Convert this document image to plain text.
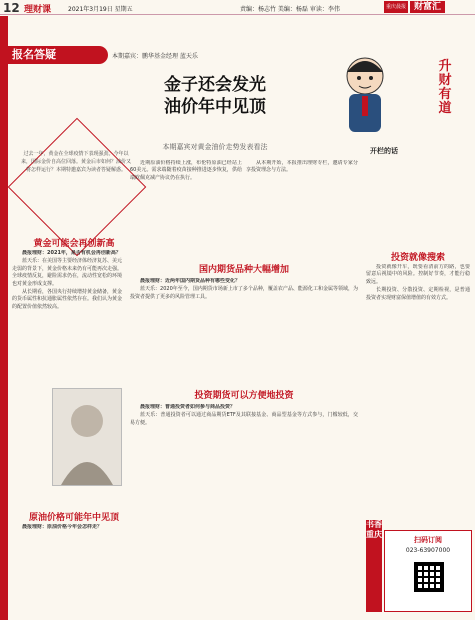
12 理财课	2021年3月19日 星期五	责编：杨志竹 美编：杨磊 审读：李伟	重庆晨报 财富汇
报名答疑	本期嘉宾：鹏华基金经理 蓝天乐
金子还会发光
油价年中见顶
本期嘉宾对黄金油价走势发表看法
升
财
有
道
开栏的话
过去一年，黄金在全球疫情下表现强劲。今年以来，国际金价自高位回落。黄金后市如何？油价又将怎样运行？本期特邀嘉宾为读者答疑解惑。
黄金可能会再创新高

晨报理财：2021年，是否有机会再创新高？

蓝天乐：在美国等主要经济体经济复苏、美元走弱的背景下，黄金价格未来仍有可能再次走强。全球疫情反复，避险需求仍在，流动性宽松的环境也对黄金形成支撑。

从长期看，各国央行持续增持黄金储备，黄金的货币属性和抗通胀属性依然存在。我们认为黄金的配置价值依然较高。

原油价格可能年中见顶

晨报理财：原油价格今年会怎样走？

近期原油价格持续上涨，布伦特原油已经站上60美元。需求端随着疫苗接种推进逐步恢复，供给端欧佩克减产协议仍在执行。

从本期开始，本报推出理财专栏，邀请专家分享投资理念与方法。

国内期货品种大幅增加

晨报理财：近两年国内期货品种有哪些变化？

蓝天乐：2020年至今，国内期货市场新上市了多个品种，覆盖农产品、能源化工和金属等领域，为投资者提供了更多的风险管理工具。

投资期货可以方便地投资

晨报理财：普通投资者如何参与商品投资？

蓝天乐：普通投资者可以通过商品期货ETF及其联接基金、商品型基金等方式参与，门槛较低，交易方便。

投资就像搜索

投资就像开车，既要看清前方的路，也要留意后视镜中的风险。控制好节奏，才能行稳致远。

长期投资、分散投资、定期检视，是普通投资者实现财富保值增值的有效方式。

书香重庆
扫码订阅
023-63907000
